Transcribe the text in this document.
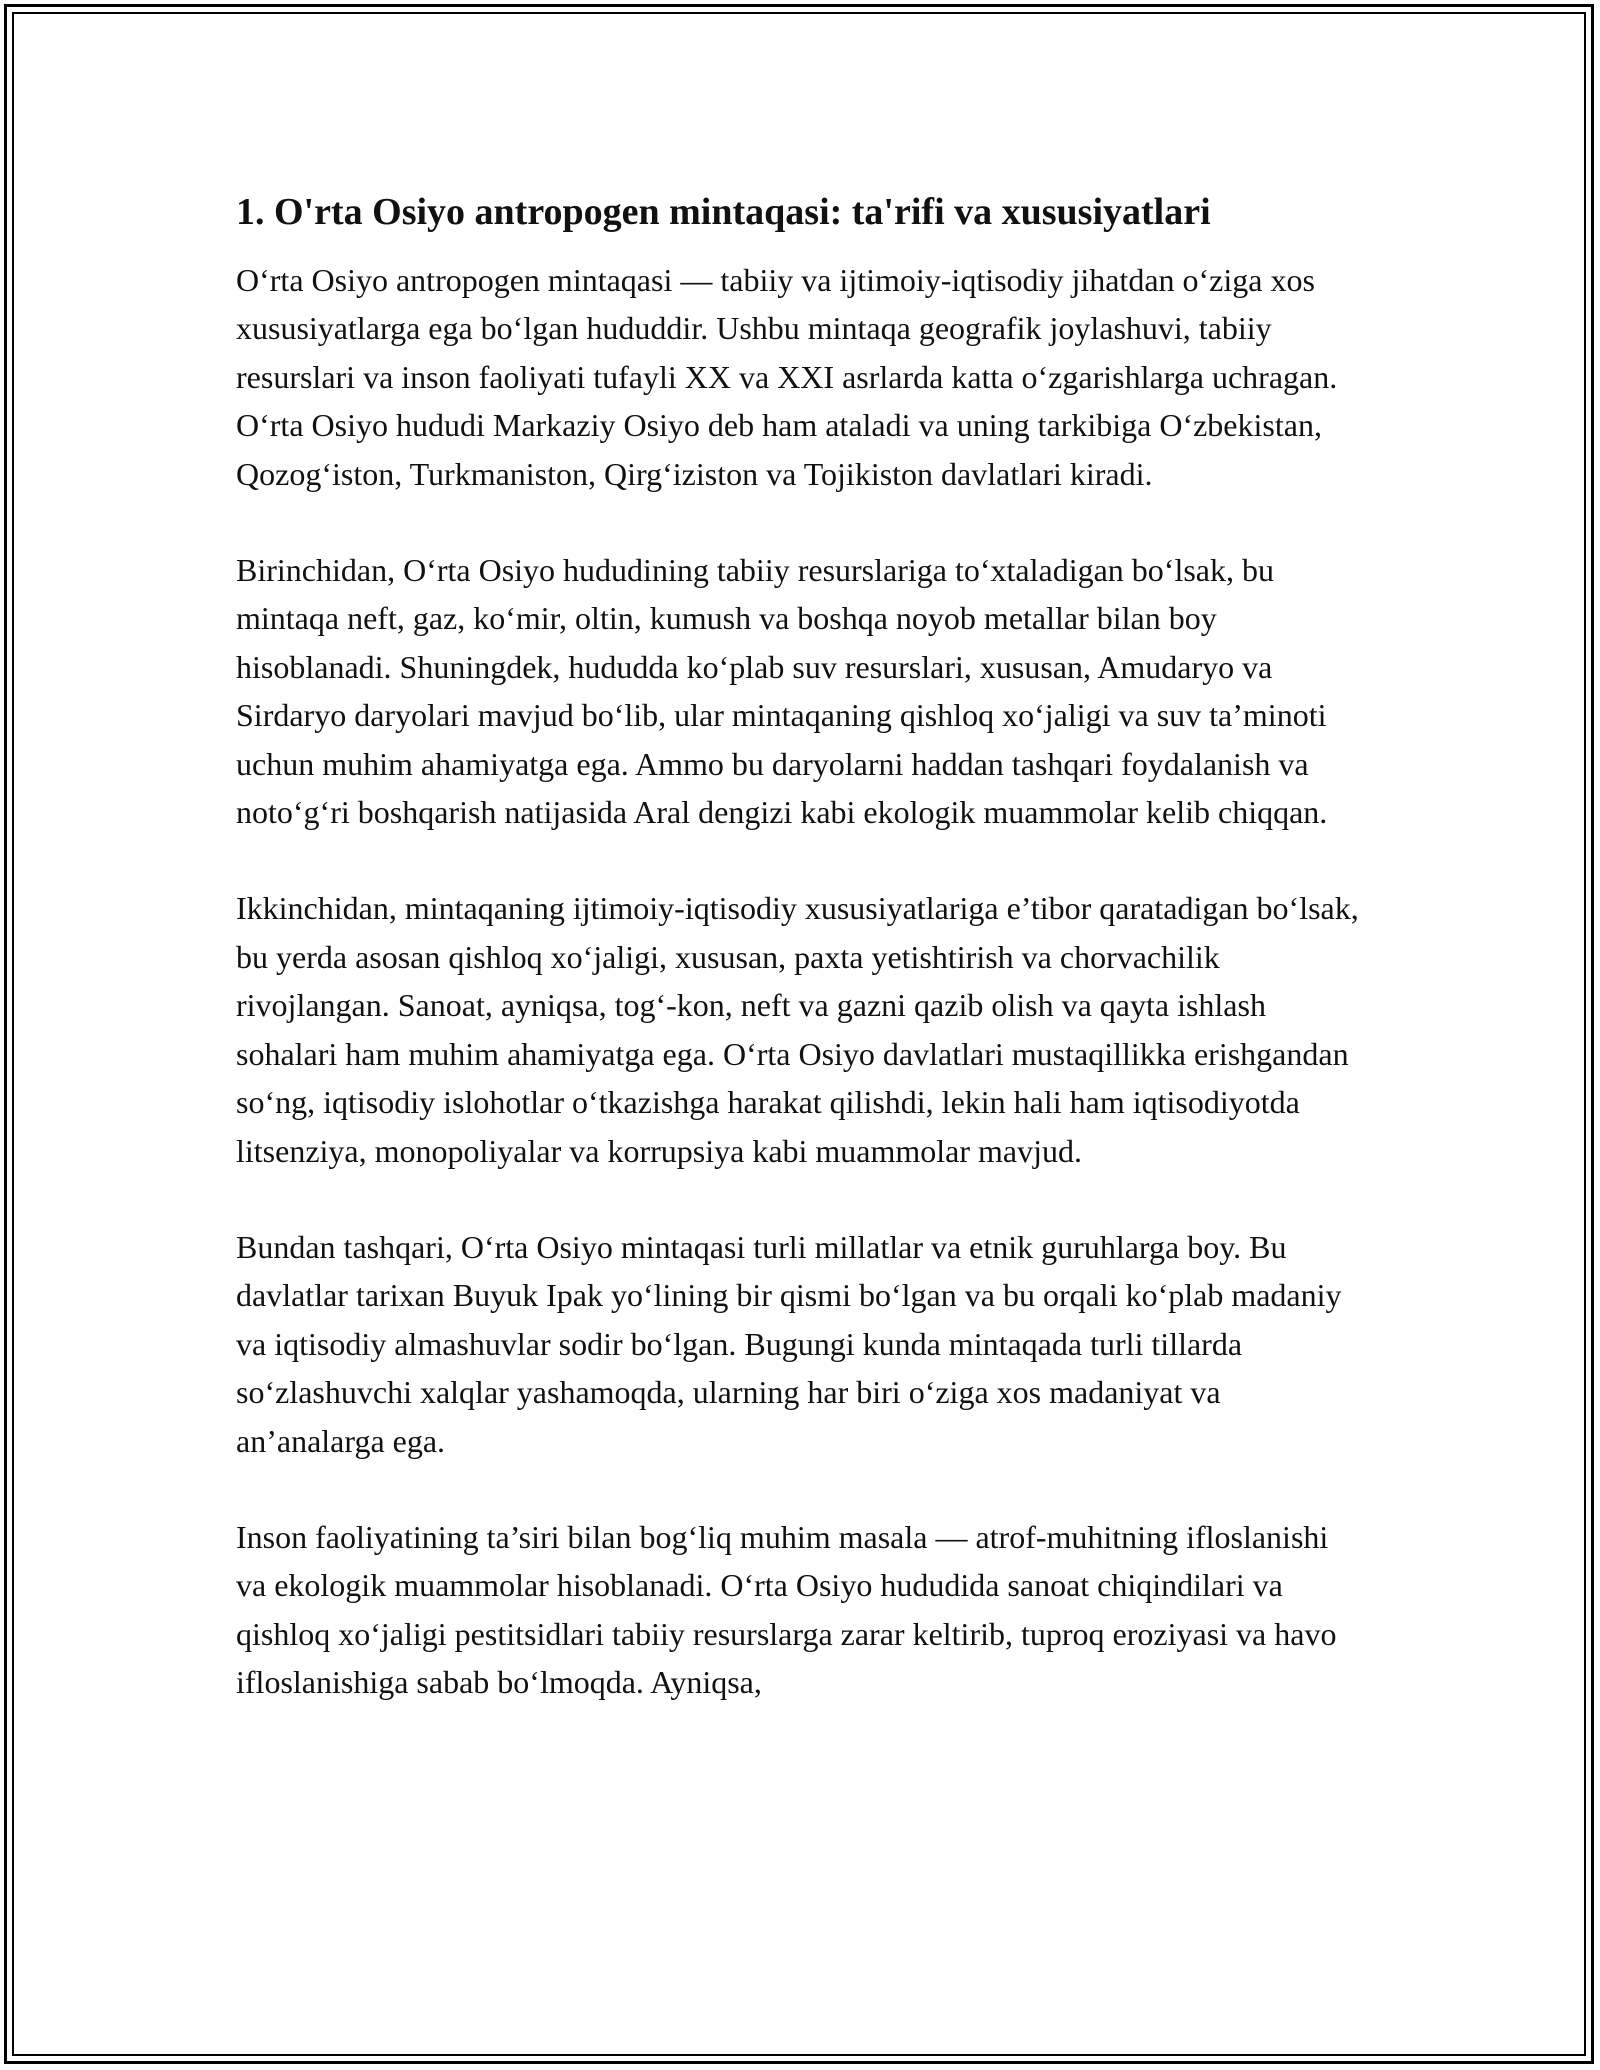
1. O'rta Osiyo antropogen mintaqasi: ta'rifi va xususiyatlari

O‘rta Osiyo antropogen mintaqasi — tabiiy va ijtimoiy-iqtisodiy jihatdan o‘ziga xos xususiyatlarga ega bo‘lgan hududdir. Ushbu mintaqa geografik joylashuvi, tabiiy resurslari va inson faoliyati tufayli XX va XXI asrlarda katta o‘zgarishlarga uchragan. O‘rta Osiyo hududi Markaziy Osiyo deb ham ataladi va uning tarkibiga O‘zbekistan, Qozog‘iston, Turkmaniston, Qirg‘iziston va Tojikiston davlatlari kiradi.

Birinchidan, O‘rta Osiyo hududining tabiiy resurslariga to‘xtaladigan bo‘lsak, bu mintaqa neft, gaz, ko‘mir, oltin, kumush va boshqa noyob metallar bilan boy hisoblanadi. Shuningdek, hududda ko‘plab suv resurslari, xususan, Amudaryo va Sirdaryo daryolari mavjud bo‘lib, ular mintaqaning qishloq xo‘jaligi va suv ta’minoti uchun muhim ahamiyatga ega. Ammo bu daryolarni haddan tashqari foydalanish va noto‘g‘ri boshqarish natijasida Aral dengizi kabi ekologik muammolar kelib chiqqan.

Ikkinchidan, mintaqaning ijtimoiy-iqtisodiy xususiyatlariga e’tibor qaratadigan bo‘lsak, bu yerda asosan qishloq xo‘jaligi, xususan, paxta yetishtirish va chorvachilik rivojlangan. Sanoat, ayniqsa, tog‘-kon, neft va gazni qazib olish va qayta ishlash sohalari ham muhim ahamiyatga ega. O‘rta Osiyo davlatlari mustaqillikka erishgandan so‘ng, iqtisodiy islohotlar o‘tkazishga harakat qilishdi, lekin hali ham iqtisodiyotda litsenziya, monopoliyalar va korrupsiya kabi muammolar mavjud.

Bundan tashqari, O‘rta Osiyo mintaqasi turli millatlar va etnik guruhlarga boy. Bu davlatlar tarixan Buyuk Ipak yo‘lining bir qismi bo‘lgan va bu orqali ko‘plab madaniy va iqtisodiy almashuvlar sodir bo‘lgan. Bugungi kunda mintaqada turli tillarda so‘zlashuvchi xalqlar yashamoqda, ularning har biri o‘ziga xos madaniyat va an’analarga ega.

Inson faoliyatining ta’siri bilan bog‘liq muhim masala — atrof-muhitning ifloslanishi va ekologik muammolar hisoblanadi. O‘rta Osiyo hududida sanoat chiqindilari va qishloq xo‘jaligi pestitsidlari tabiiy resurslarga zarar keltirib, tuproq eroziyasi va havo ifloslanishiga sabab bo‘lmoqda. Ayniqsa,
